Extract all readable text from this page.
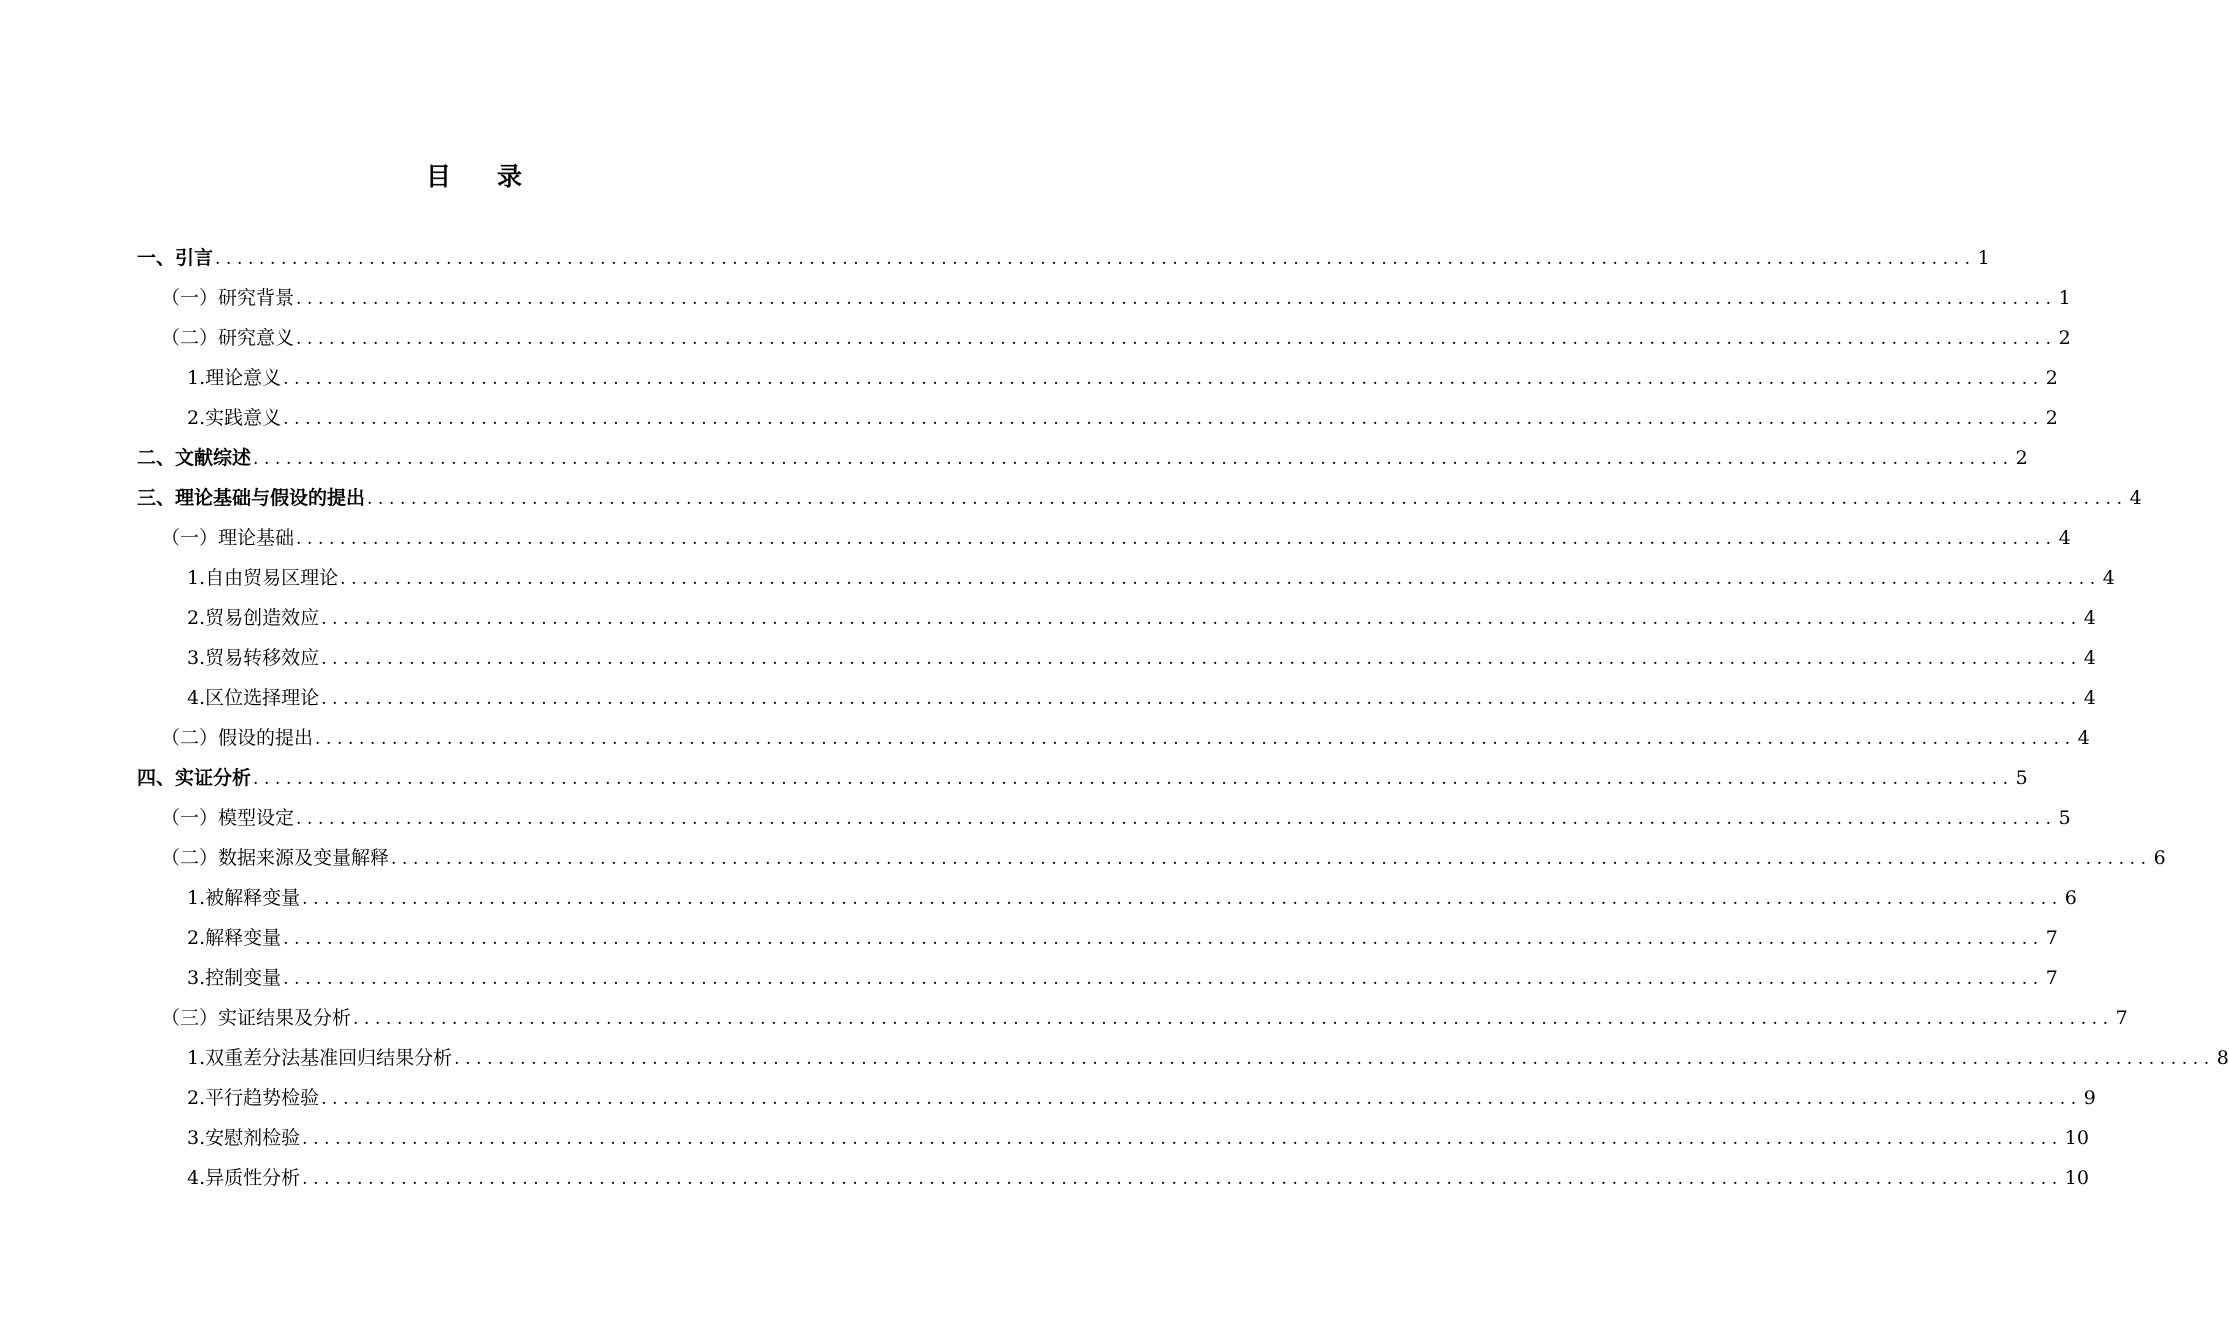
目 录
一、引言 ................................................................................................................................................................ 1
（一）研究背景 ................................................................................................................................................................ 1
（二）研究意义 ................................................................................................................................................................ 2
1.理论意义 ................................................................................................................................................................ 2
2.实践意义 ................................................................................................................................................................ 2
二、文献综述 ................................................................................................................................................................ 2
三、理论基础与假设的提出 ................................................................................................................................................................ 4
（一）理论基础 ................................................................................................................................................................ 4
1.自由贸易区理论 ................................................................................................................................................................ 4
2.贸易创造效应 ................................................................................................................................................................ 4
3.贸易转移效应 ................................................................................................................................................................ 4
4.区位选择理论 ................................................................................................................................................................ 4
（二）假设的提出 ................................................................................................................................................................ 4
四、实证分析 ................................................................................................................................................................ 5
（一）模型设定 ................................................................................................................................................................ 5
（二）数据来源及变量解释 ................................................................................................................................................................ 6
1.被解释变量 ................................................................................................................................................................ 6
2.解释变量 ................................................................................................................................................................ 7
3.控制变量 ................................................................................................................................................................ 7
（三）实证结果及分析 ................................................................................................................................................................ 7
1.双重差分法基准回归结果分析 ................................................................................................................................................................ 8
2.平行趋势检验 ................................................................................................................................................................ 9
3.安慰剂检验 ................................................................................................................................................................ 10
4.异质性分析 ................................................................................................................................................................ 10
